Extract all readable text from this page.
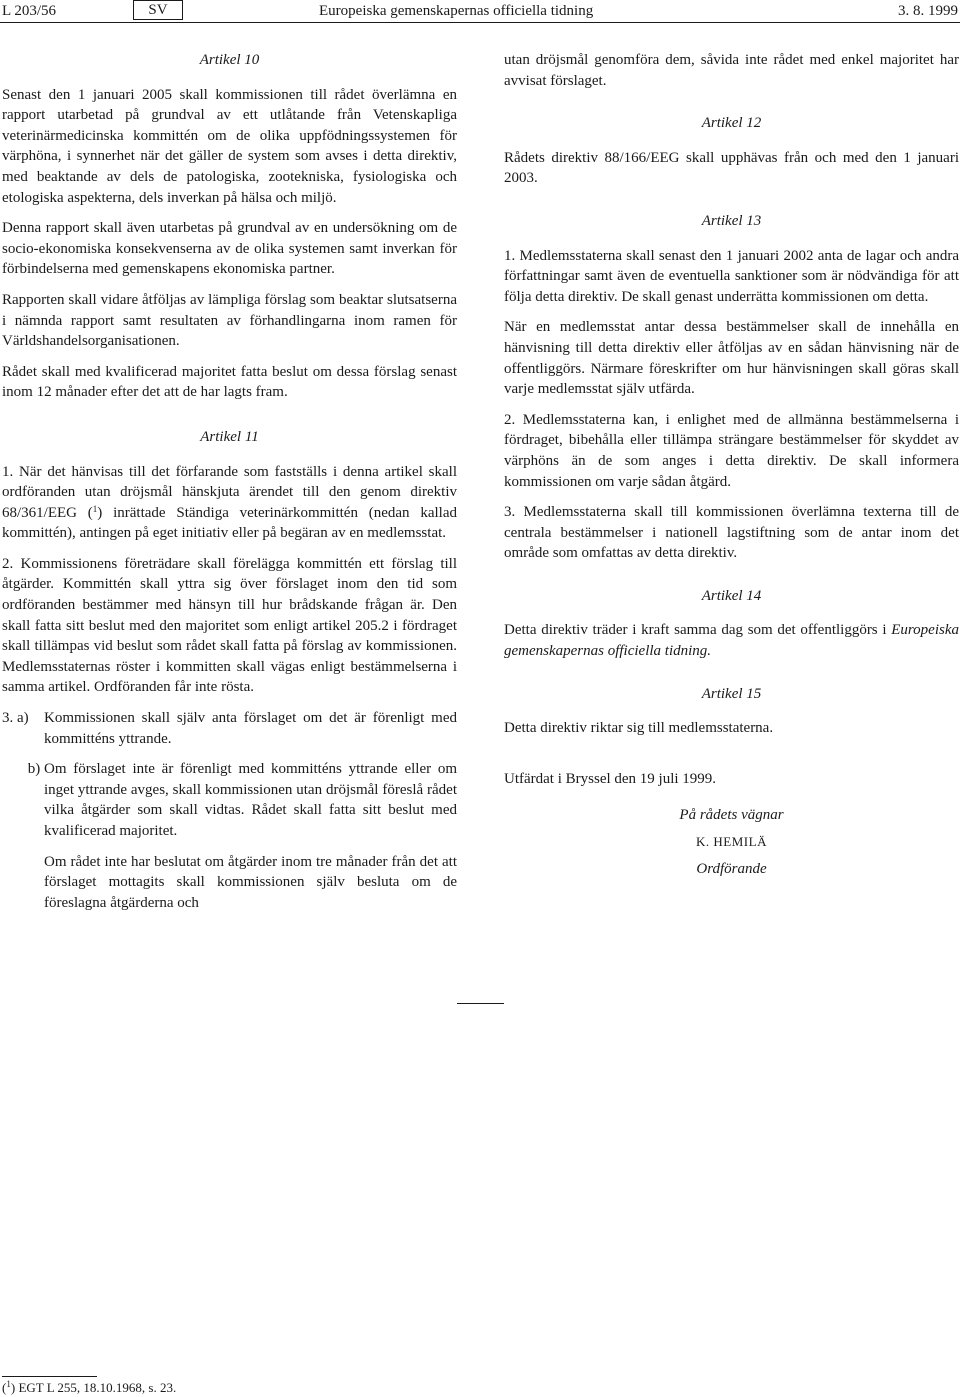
L 203/56	SV	Europeiska gemenskapernas officiella tidning	3. 8. 1999

Artikel 10

Senast den 1 januari 2005 skall kommissionen till rådet överlämna en rapport utarbetad på grundval av ett utlåtande från Vetenskapliga veterinärmedicinska kommittén om de olika uppfödningssystemen för värphöna, i synnerhet när det gäller de system som avses i detta direktiv, med beaktande av dels de patologiska, zootekniska, fysiologiska och etologiska aspekterna, dels inverkan på hälsa och miljö.

Denna rapport skall även utarbetas på grundval av en undersökning om de socio-ekonomiska konsekvenserna av de olika systemen samt inverkan för förbindelserna med gemenskapens ekonomiska partner.

Rapporten skall vidare åtföljas av lämpliga förslag som beaktar slutsatserna i nämnda rapport samt resultaten av förhandlingarna inom ramen för Världshandelsorganisationen.

Rådet skall med kvalificerad majoritet fatta beslut om dessa förslag senast inom 12 månader efter det att de har lagts fram.

Artikel 11

1. När det hänvisas till det förfarande som fastställs i denna artikel skall ordföranden utan dröjsmål hänskjuta ärendet till den genom direktiv 68/361/EEG ($^1$) inrättade Ständiga veterinärkommittén (nedan kallad kommittén), antingen på eget initiativ eller på begäran av en medlemsstat.

2. Kommissionens företrädare skall förelägga kommittén ett förslag till åtgärder. Kommittén skall yttra sig över förslaget inom den tid som ordföranden bestämmer med hänsyn till hur brådskande frågan är. Den skall fatta sitt beslut med den majoritet som enligt artikel 205.2 i fördraget skall tillämpas vid beslut som rådet skall fatta på förslag av kommissionen. Medlemsstaternas röster i kommitten skall vägas enligt bestämmelserna i samma artikel. Ordföranden får inte rösta.

3. a)	Kommissionen skall själv anta förslaget om det är förenligt med kommitténs yttrande.
b) Om förslaget inte är förenligt med kommitténs yttrande eller om inget yttrande avges, skall kommissionen utan dröjsmål föreslå rådet vilka åtgärder som skall vidtas. Rådet skall fatta sitt beslut med kvalificerad majoritet.

Om rådet inte har beslutat om åtgärder inom tre månader från det att förslaget mottagits skall kommissionen själv besluta om de föreslagna åtgärderna och

utan dröjsmål genomföra dem, såvida inte rådet med enkel majoritet har avvisat förslaget.

Artikel 12

Rådets direktiv 88/166/EEG skall upphävas från och med den 1 januari 2003.

Artikel 13

1. Medlemsstaterna skall senast den 1 januari 2002 anta de lagar och andra författningar samt även de eventuella sanktioner som är nödvändiga för att följa detta direktiv. De skall genast underrätta kommissionen om detta.

När en medlemsstat antar dessa bestämmelser skall de innehålla en hänvisning till detta direktiv eller åtföljas av en sådan hänvisning när de offentliggörs. Närmare föreskrifter om hur hänvisningen skall göras skall varje medlemsstat själv utfärda.

2. Medlemsstaterna kan, i enlighet med de allmänna bestämmelserna i fördraget, bibehålla eller tillämpa strängare bestämmelser för skyddet av värphöns än de som anges i detta direktiv. De skall informera kommissionen om varje sådan åtgärd.

3. Medlemsstaterna skall till kommissionen överlämna texterna till de centrala bestämmelser i nationell lagstiftning som de antar inom det område som omfattas av detta direktiv.

Artikel 14

Detta direktiv träder i kraft samma dag som det offentliggörs i Europeiska gemenskapernas officiella tidning.

Artikel 15

Detta direktiv riktar sig till medlemsstaterna.

Utfärdat i Bryssel den 19 juli 1999.

På rådets vägnar
K. HEMILÄ
Ordförande
($^1$) EGT L 255, 18.10.1968, s. 23.
